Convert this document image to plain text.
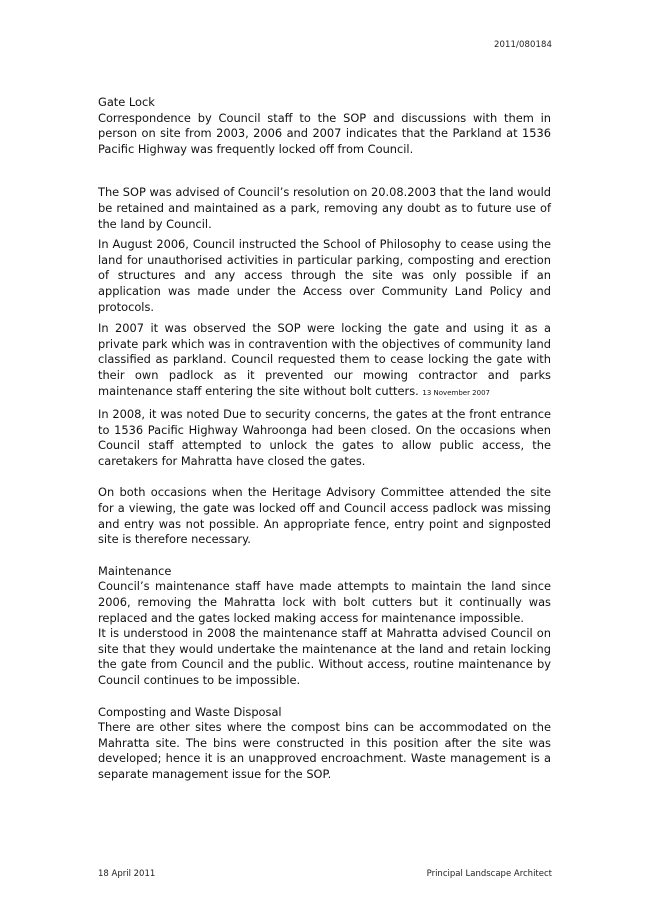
2011/080184
Gate Lock

Correspondence by Council staff to the SOP and discussions with them in person on site from 2003, 2006 and 2007 indicates that the Parkland at 1536 Pacific Highway was frequently locked off from Council.

The SOP was advised of Council’s resolution on 20.08.2003 that the land would be retained and maintained as a park, removing any doubt as to future use of the land by Council.

In August 2006, Council instructed the School of Philosophy to cease using the land for unauthorised activities in particular parking, composting and erection of structures and any access through the site was only possible if an application was made under the Access over Community Land Policy and protocols.

In 2007 it was observed the SOP were locking the gate and using it as a private park which was in contravention with the objectives of community land classified as parkland. Council requested them to cease locking the gate with their own padlock as it prevented our mowing contractor and parks maintenance staff entering the site without bolt cutters. 13 November 2007

In 2008, it was noted Due to security concerns, the gates at the front entrance to 1536 Pacific Highway Wahroonga had been closed. On the occasions when Council staff attempted to unlock the gates to allow public access, the caretakers for Mahratta have closed the gates.

On both occasions when the Heritage Advisory Committee attended the site for a viewing, the gate was locked off and Council access padlock was missing and entry was not possible. An appropriate fence, entry point and signposted site is therefore necessary.

Maintenance

Council’s maintenance staff have made attempts to maintain the land since 2006, removing the Mahratta lock with bolt cutters but it continually was replaced and the gates locked making access for maintenance impossible.

It is understood in 2008 the maintenance staff at Mahratta advised Council on site that they would undertake the maintenance at the land and retain locking the gate from Council and the public. Without access, routine maintenance by Council continues to be impossible.

Composting and Waste Disposal

There are other sites where the compost bins can be accommodated on the Mahratta site. The bins were constructed in this position after the site was developed; hence it is an unapproved encroachment. Waste management is a separate management issue for the SOP.

18 April 2011	Principal Landscape Architect
